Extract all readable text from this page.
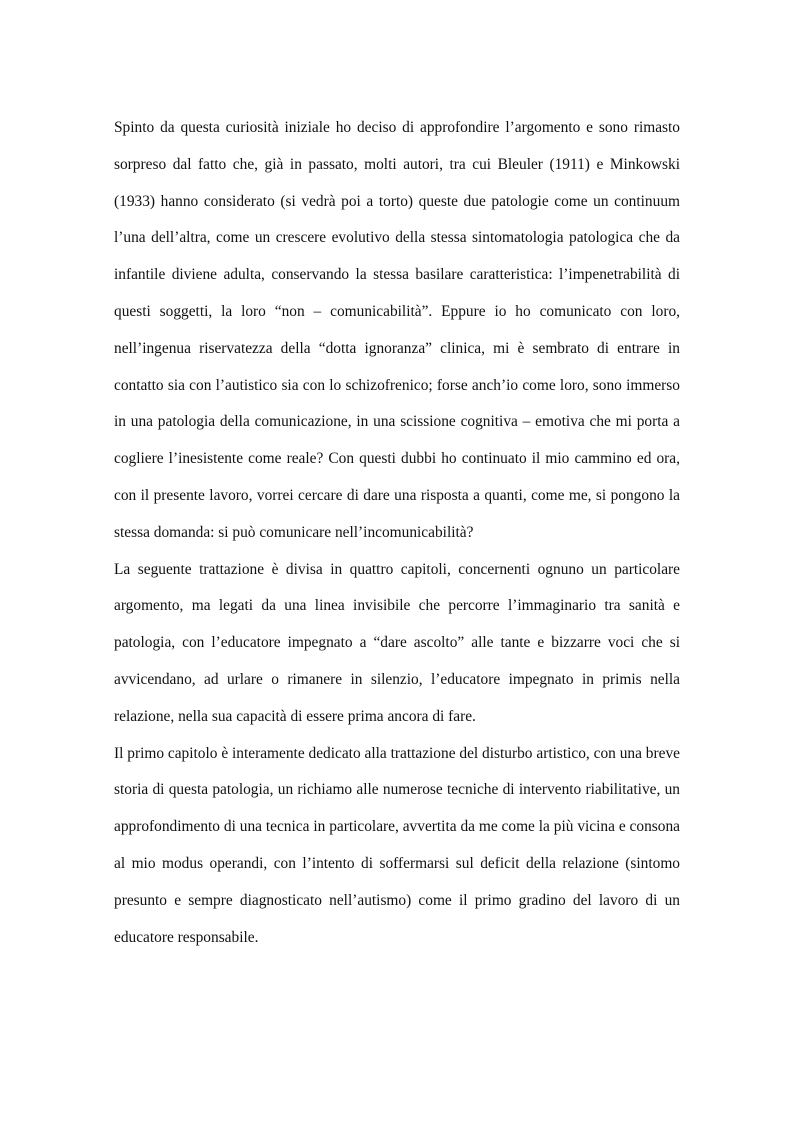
Spinto da questa curiosità iniziale ho deciso di approfondire l’argomento e sono rimasto sorpreso dal fatto che, già in passato, molti autori, tra cui Bleuler (1911) e Minkowski (1933) hanno considerato (si vedrà poi a torto) queste due patologie come un continuum l’una dell’altra, come un crescere evolutivo della stessa sintomatologia patologica che da infantile diviene adulta, conservando la stessa basilare caratteristica: l’impenetrabilità di questi soggetti, la loro “non – comunicabilità”. Eppure io ho comunicato con loro, nell’ingenua riservatezza della “dotta ignoranza” clinica, mi è sembrato di entrare in contatto sia con l’autistico sia con lo schizofrenico; forse anch’io come loro, sono immerso in una patologia della comunicazione, in una scissione cognitiva – emotiva che mi porta a cogliere l’inesistente come reale? Con questi dubbi ho continuato il mio cammino ed ora, con il presente lavoro, vorrei cercare di dare una risposta a quanti, come me, si pongono la stessa domanda: si può comunicare nell’incomunicabilità?

La seguente trattazione è divisa in quattro capitoli, concernenti ognuno un particolare argomento, ma legati da una linea invisibile che percorre l’immaginario tra sanità e patologia, con l’educatore impegnato a “dare ascolto” alle tante e bizzarre voci che si avvicendano, ad urlare o rimanere in silenzio, l’educatore impegnato in primis nella relazione, nella sua capacità di essere prima ancora di fare.

Il primo capitolo è interamente dedicato alla trattazione del disturbo artistico, con una breve storia di questa patologia, un richiamo alle numerose tecniche di intervento riabilitative, un approfondimento di una tecnica in particolare, avvertita da me come la più vicina e consona al mio modus operandi, con l’intento di soffermarsi sul deficit della relazione (sintomo presunto e sempre diagnosticato nell’autismo) come il primo gradino del lavoro di un educatore responsabile.
